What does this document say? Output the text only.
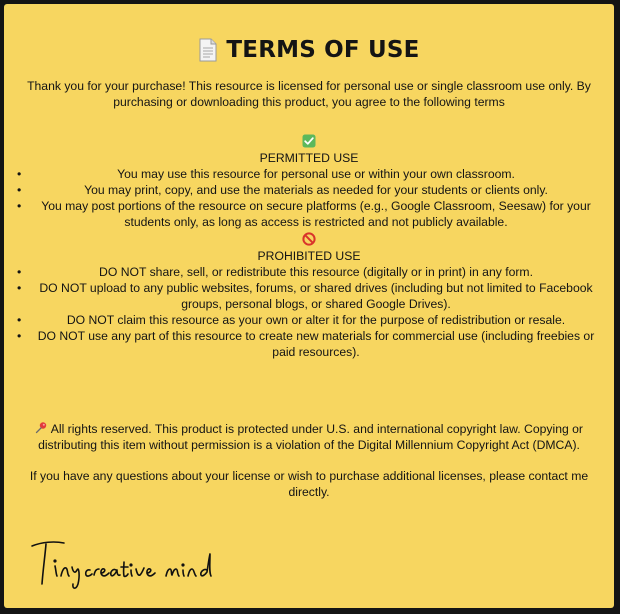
TERMS OF USE
Thank you for your purchase! This resource is licensed for personal use or single classroom use only. By purchasing or downloading this product, you agree to the following terms
PERMITTED USE
•	You may use this resource for personal use or within your own classroom.
•	You may print, copy, and use the materials as needed for your students or clients only.
• You may post portions of the resource on secure platforms (e.g., Google Classroom, Seesaw) for your students only, as long as access is restricted and not publicly available.
PROHIBITED USE
•	DO NOT share, sell, or redistribute this resource (digitally or in print) in any form.
• DO NOT upload to any public websites, forums, or shared drives (including but not limited to Facebook groups, personal blogs, or shared Google Drives).
•	DO NOT claim this resource as your own or alter it for the purpose of redistribution or resale.
• DO NOT use any part of this resource to create new materials for commercial use (including freebies or paid resources).
All rights reserved. This product is protected under U.S. and international copyright law. Copying or distributing this item without permission is a violation of the Digital Millennium Copyright Act (DMCA).
If you have any questions about your license or wish to purchase additional licenses, please contact me directly.
